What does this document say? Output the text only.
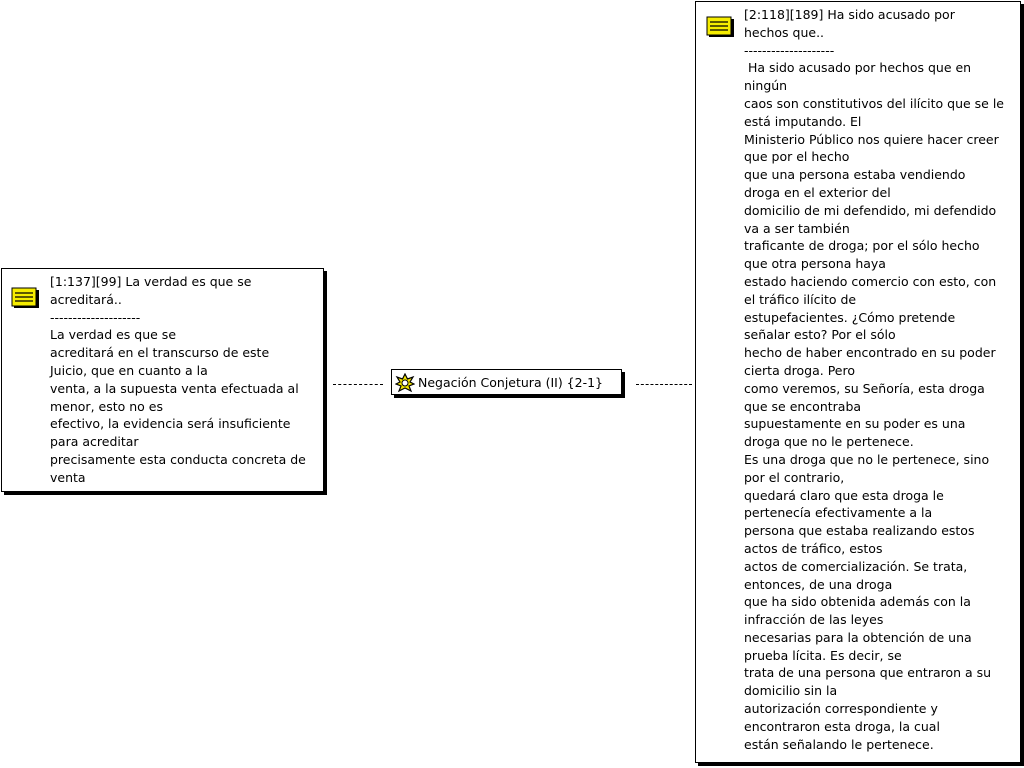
[1:137][99] La verdad es que se
acreditará..
--------------------
La verdad es que se
acreditará en el transcurso de este
Juicio, que en cuanto a la
venta, a la supuesta venta efectuada al
menor, esto no es
efectivo, la evidencia será insuficiente
para acreditar
precisamente esta conducta concreta de
venta
Negación Conjetura (II) {2-1}
[2:118][189] Ha sido acusado por
hechos que..
--------------------
Ha sido acusado por hechos que en
ningún
caos son constitutivos del ilícito que se le
está imputando. El
Ministerio Público nos quiere hacer creer
que por el hecho
que una persona estaba vendiendo
droga en el exterior del
domicilio de mi defendido, mi defendido
va a ser también
traficante de droga; por el sólo hecho
que otra persona haya
estado haciendo comercio con esto, con
el tráfico ilícito de
estupefacientes. ¿Cómo pretende
señalar esto? Por el sólo
hecho de haber encontrado en su poder
cierta droga. Pero
como veremos, su Señoría, esta droga
que se encontraba
supuestamente en su poder es una
droga que no le pertenece.
Es una droga que no le pertenece, sino
por el contrario,
quedará claro que esta droga le
pertenecía efectivamente a la
persona que estaba realizando estos
actos de tráfico, estos
actos de comercialización. Se trata,
entonces, de una droga
que ha sido obtenida además con la
infracción de las leyes
necesarias para la obtención de una
prueba lícita. Es decir, se
trata de una persona que entraron a su
domicilio sin la
autorización correspondiente y
encontraron esta droga, la cual
están señalando le pertenece.
